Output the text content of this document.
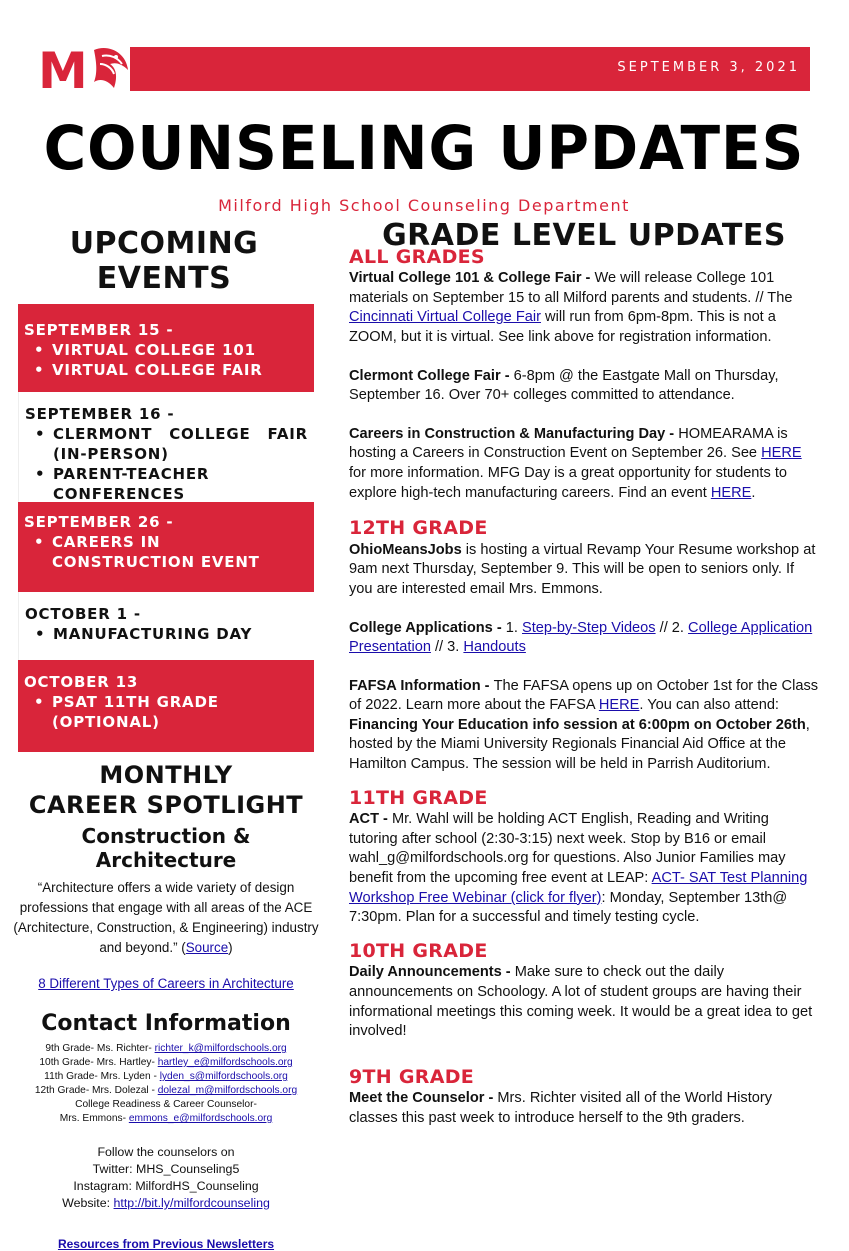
M	SEPTEMBER 3, 2021
COUNSELING UPDATES
Milford High School Counseling Department
UPCOMING EVENTS
SEPTEMBER 15 -
• VIRTUAL COLLEGE 101
• VIRTUAL COLLEGE FAIR
SEPTEMBER 16 -
• CLERMONT COLLEGE FAIR (IN-PERSON)
• PARENT-TEACHER CONFERENCES
SEPTEMBER 26 -
• CAREERS IN CONSTRUCTION EVENT
OCTOBER 1 -
• MANUFACTURING DAY
OCTOBER 13
• PSAT 11TH GRADE (OPTIONAL)
MONTHLY
CAREER SPOTLIGHT
Construction & Architecture

“Architecture offers a wide variety of design professions that engage with all areas of the ACE (Architecture, Construction, & Engineering) industry and beyond.” (Source)

8 Different Types of Careers in Architecture
Contact Information
9th Grade- Ms. Richter- richter_k@milfordschools.org
10th Grade- Mrs. Hartley- hartley_e@milfordschools.org
11th Grade- Mrs. Lyden - lyden_s@milfordschools.org
12th Grade- Mrs. Dolezal - dolezal_m@milfordschools.org
College Readiness & Career Counselor-
Mrs. Emmons- emmons_e@milfordschools.org
Follow the counselors on
Twitter: MHS_Counseling5
Instagram: MilfordHS_Counseling
Website: http://bit.ly/milfordcounseling
Resources from Previous Newsletters
GRADE LEVEL UPDATES
ALL GRADES

Virtual College 101 & College Fair - We will release College 101 materials on September 15 to all Milford parents and students. // The Cincinnati Virtual College Fair will run from 6pm-8pm. This is not a ZOOM, but it is virtual. See link above for registration information.

Clermont College Fair - 6-8pm @ the Eastgate Mall on Thursday, September 16. Over 70+ colleges committed to attendance.

Careers in Construction & Manufacturing Day - HOMEARAMA is hosting a Careers in Construction Event on September 26. See HERE for more information. MFG Day is a great opportunity for students to explore high-tech manufacturing careers. Find an event HERE.

12TH GRADE

OhioMeansJobs is hosting a virtual Revamp Your Resume workshop at 9am next Thursday, September 9. This will be open to seniors only. If you are interested email Mrs. Emmons.

College Applications - 1. Step-by-Step Videos // 2. College Application Presentation // 3. Handouts

FAFSA Information - The FAFSA opens up on October 1st for the Class of 2022. Learn more about the FAFSA HERE. You can also attend: Financing Your Education info session at 6:00pm on October 26th, hosted by the Miami University Regionals Financial Aid Office at the Hamilton Campus. The session will be held in Parrish Auditorium.

11TH GRADE

ACT - Mr. Wahl will be holding ACT English, Reading and Writing tutoring after school (2:30-3:15) next week. Stop by B16 or email wahl_g@milfordschools.org for questions. Also Junior Families may benefit from the upcoming free event at LEAP: ACT- SAT Test Planning Workshop Free Webinar (click for flyer): Monday, September 13th@ 7:30pm. Plan for a successful and timely testing cycle.

10TH GRADE

Daily Announcements - Make sure to check out the daily announcements on Schoology. A lot of student groups are having their informational meetings this coming week. It would be a great idea to get involved!

9TH GRADE

Meet the Counselor - Mrs. Richter visited all of the World History classes this past week to introduce herself to the 9th graders.
